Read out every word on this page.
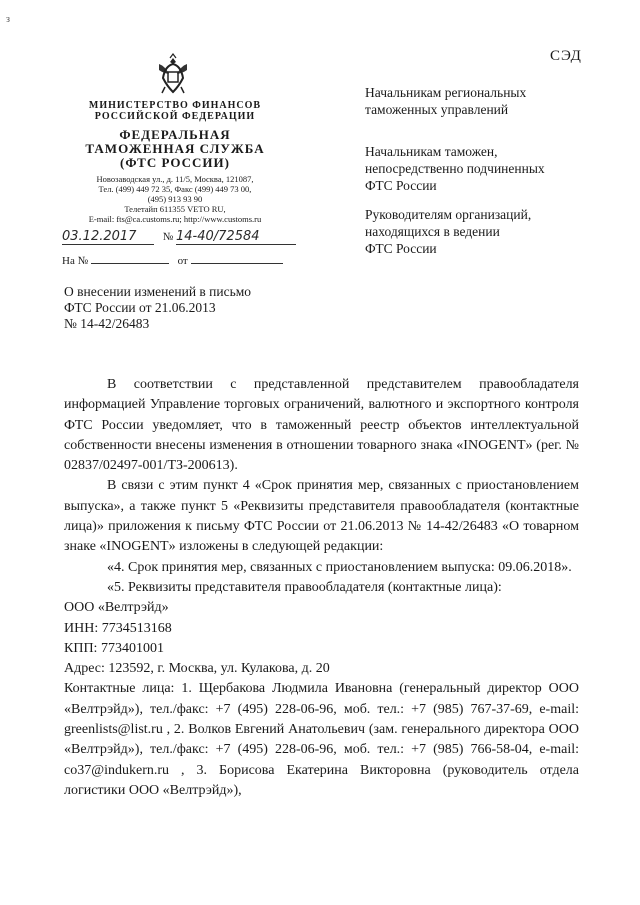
з
СЭД
МИНИСТЕРСТВО ФИНАНСОВ
РОССИЙСКОЙ ФЕДЕРАЦИИ
ФЕДЕРАЛЬНАЯ
ТАМОЖЕННАЯ СЛУЖБА
(ФТС РОССИИ)
Новозаводская ул., д. 11/5, Москва, 121087,
Тел. (499) 449 72 35, Факс (499) 449 73 00,
(495) 913 93 90
Телетайп 611355 VETO RU,
E-mail: fts@ca.customs.ru; http://www.customs.ru
03.12.2017 № 14-40/72584
На №	от
О внесении изменений в письмо
ФТС России от 21.06.2013
№ 14-42/26483
Начальникам региональных
таможенных управлений
Начальникам таможен,
непосредственно подчиненных
ФТС России
Руководителям организаций,
находящихся в ведении
ФТС России

В соответствии с представленной представителем правообладателя информацией Управление торговых ограничений, валютного и экспортного контроля ФТС России уведомляет, что в таможенный реестр объектов интеллектуальной собственности внесены изменения в отношении товарного знака «INOGENT» (рег. № 02837/02497-001/ТЗ-200613).

В связи с этим пункт 4 «Срок принятия мер, связанных с приостановлением выпуска», а также пункт 5 «Реквизиты представителя правообладателя (контактные лица)» приложения к письму ФТС России от 21.06.2013 № 14-42/26483 «О товарном знаке «INOGENT» изложены в следующей редакции:

«4. Срок принятия мер, связанных с приостановлением выпуска: 09.06.2018».

«5. Реквизиты представителя правообладателя (контактные лица):

ООО «Велтрэйд»

ИНН: 7734513168

КПП: 773401001

Адрес: 123592, г. Москва, ул. Кулакова, д. 20

Контактные лица: 1. Щербакова Людмила Ивановна (генеральный директор ООО «Велтрэйд»), тел./факс: +7 (495) 228-06-96, моб. тел.: +7 (985) 767-37-69, e-mail: greenlists@list.ru , 2. Волков Евгений Анатольевич (зам. генерального директора ООО «Велтрэйд»), тел./факс: +7 (495) 228-06-96, моб. тел.: +7 (985) 766-58-04, e-mail: co37@indukern.ru , 3. Борисова Екатерина Викторовна (руководитель отдела логистики ООО «Велтрэйд»),
